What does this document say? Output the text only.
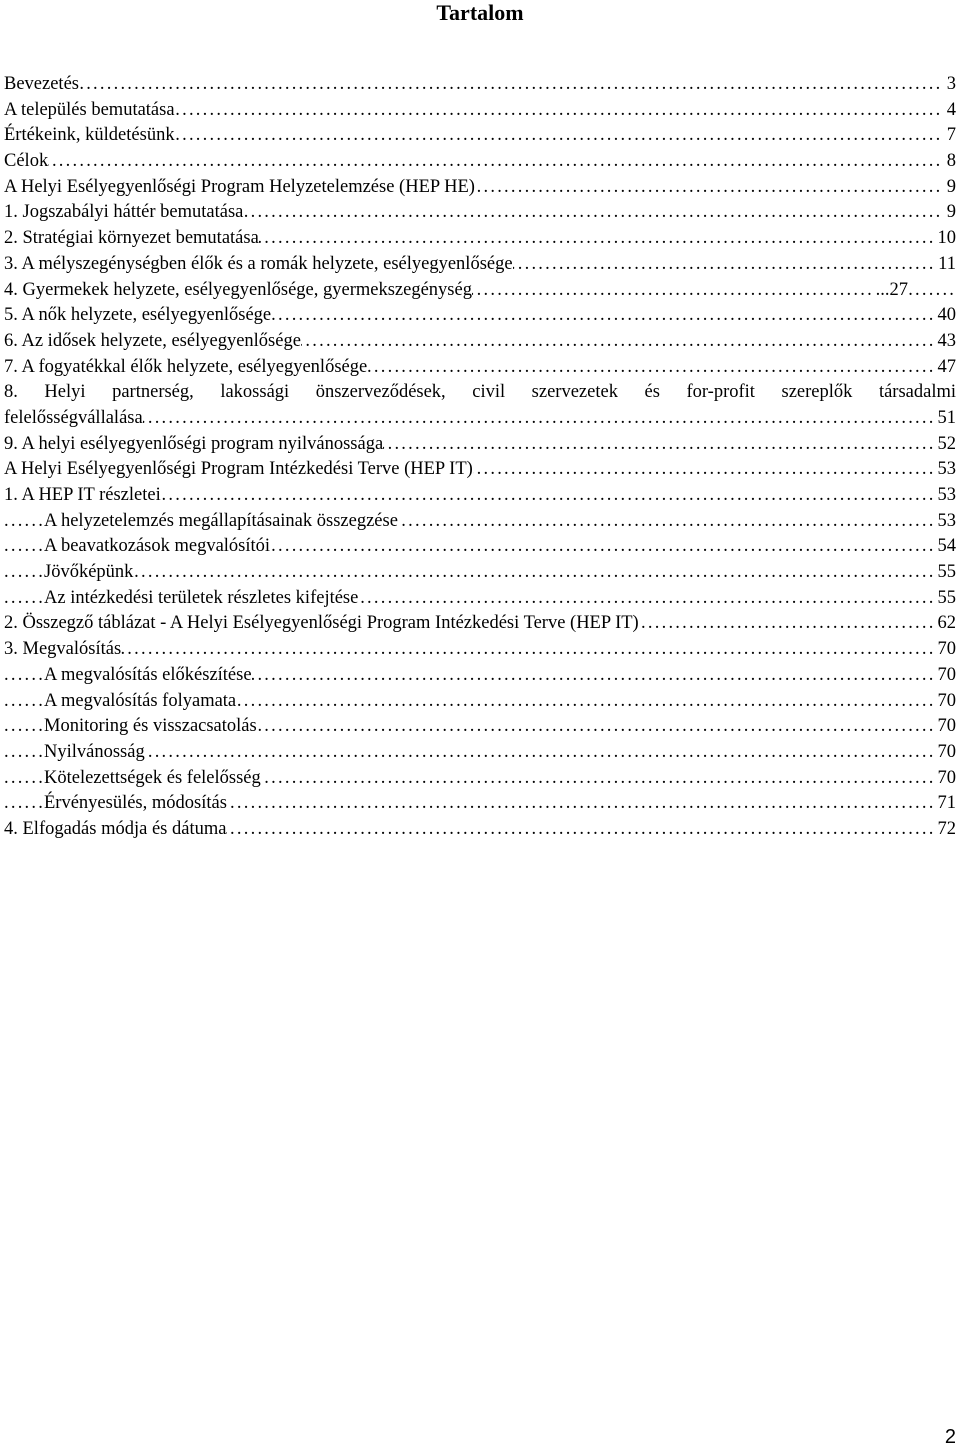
Tartalom
Bevezetés	3
. . .
A település bemutatása	4
. . .
Értékeink, küldetésünk	7
. . .
Célok	8
. . .
A Helyi Esélyegyenlőségi Program Helyzetelemzése (HEP HE)	9
. . .
1. Jogszabályi háttér bemutatása	9
. . .
2. Stratégiai környezet bemutatása	10
. . .
3. A mélyszegénységben élők és a romák helyzete, esélyegyenlősége	11
. . .
4. Gyermekek helyzete, esélyegyenlősége, gyermekszegénység	...27
. . .
5. A nők helyzete, esélyegyenlősége	40
. . .
6. Az idősek helyzete, esélyegyenlősége	43
. . .
7. A fogyatékkal élők helyzete, esélyegyenlősége	47
. . .
8. Helyi partnerség, lakossági önszerveződések, civil szervezetek és for-profit szereplők társadalmi
felelősségvállalása	51
. . .
9. A helyi esélyegyenlőségi program nyilvánossága	52
. . .
A Helyi Esélyegyenlőségi Program Intézkedési Terve (HEP IT)	53
. . .
1. A HEP IT részletei	53
. . .
A helyzetelemzés megállapításainak összegzése	53
. . .
A beavatkozások megvalósítói	54
. . .
Jövőképünk	55
. . .
Az intézkedési területek részletes kifejtése	55
. . .
2. Összegző táblázat - A Helyi Esélyegyenlőségi Program Intézkedési Terve (HEP IT)	62
. . .
3. Megvalósítás	70
. . .
A megvalósítás előkészítése	70
. . .
A megvalósítás folyamata	70
. . .
Monitoring és visszacsatolás	70
. . .
Nyilvánosság	70
. . .
Kötelezettségek és felelősség	70
. . .
Érvényesülés, módosítás	71
. . .
4. Elfogadás módja és dátuma	72
. . .
2
